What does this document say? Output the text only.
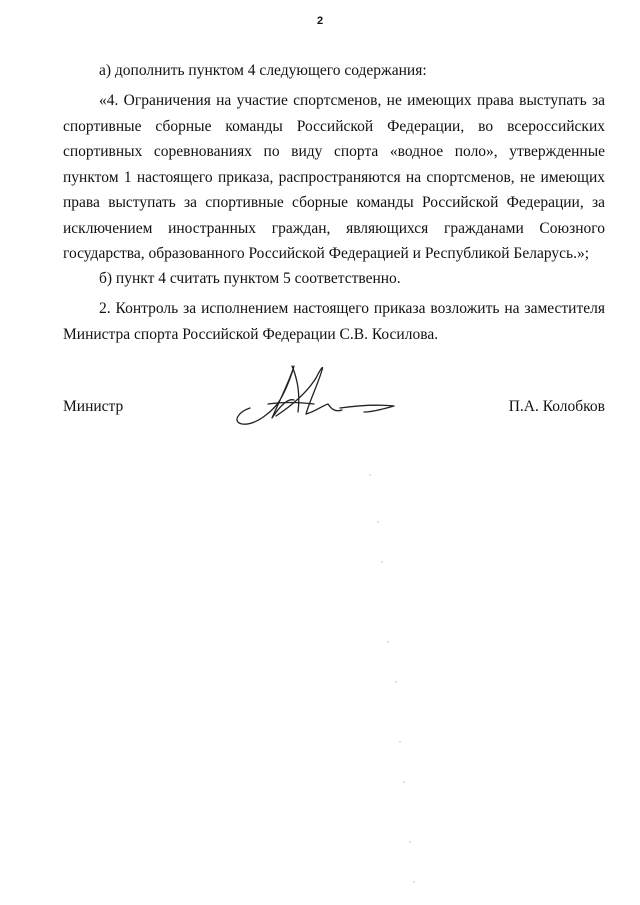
2

а) дополнить пунктом 4 следующего содержания:

«4. Ограничения на участие спортсменов, не имеющих права выступать за спортивные сборные команды Российской Федерации, во всероссийских спортивных соревнованиях по виду спорта «водное поло», утвержденные пунктом 1 настоящего приказа, распространяются на спортсменов, не имеющих права выступать за спортивные сборные команды Российской Федерации, за исключением иностранных граждан, являющихся гражданами Союзного государства, образованного Российской Федерацией и Республикой Беларусь.»;

б) пункт 4 считать пунктом 5 соответственно.

2. Контроль за исполнением настоящего приказа возложить на заместителя Министра спорта Российской Федерации С.В. Косилова.

Министр	П.А. Колобков
